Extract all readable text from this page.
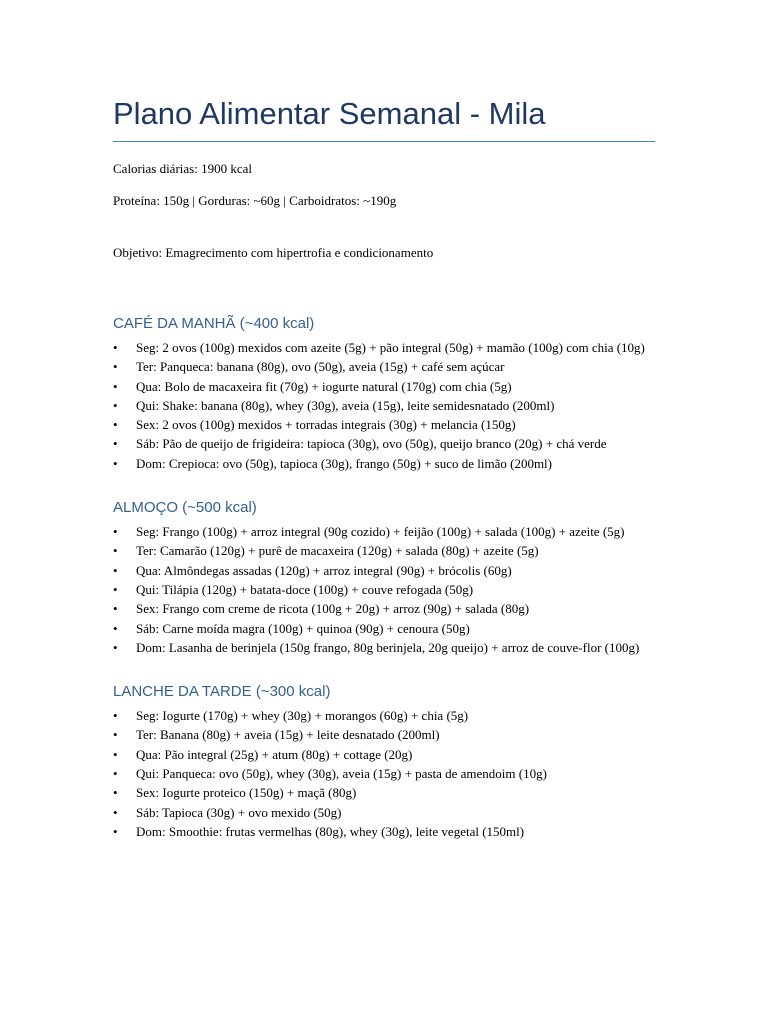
Plano Alimentar Semanal - Mila

Calorias diárias: 1900 kcal

Proteína: 150g | Gorduras: ~60g | Carboidratos: ~190g

Objetivo: Emagrecimento com hipertrofia e condicionamento

CAFÉ DA MANHÃ (~400 kcal)
•	Seg: 2 ovos (100g) mexidos com azeite (5g) + pão integral (50g) + mamão (100g) com chia (10g)
•	Ter: Panqueca: banana (80g), ovo (50g), aveia (15g) + café sem açúcar
•	Qua: Bolo de macaxeira fit (70g) + iogurte natural (170g) com chia (5g)
•	Qui: Shake: banana (80g), whey (30g), aveia (15g), leite semidesnatado (200ml)
•	Sex: 2 ovos (100g) mexidos + torradas integrais (30g) + melancia (150g)
•	Sáb: Pão de queijo de frigideira: tapioca (30g), ovo (50g), queijo branco (20g) + chá verde
•	Dom: Crepioca: ovo (50g), tapioca (30g), frango (50g) + suco de limão (200ml)
ALMOÇO (~500 kcal)
•	Seg: Frango (100g) + arroz integral (90g cozido) + feijão (100g) + salada (100g) + azeite (5g)
•	Ter: Camarão (120g) + purê de macaxeira (120g) + salada (80g) + azeite (5g)
•	Qua: Almôndegas assadas (120g) + arroz integral (90g) + brócolis (60g)
•	Qui: Tilápia (120g) + batata-doce (100g) + couve refogada (50g)
•	Sex: Frango com creme de ricota (100g + 20g) + arroz (90g) + salada (80g)
•	Sáb: Carne moída magra (100g) + quinoa (90g) + cenoura (50g)
•	Dom: Lasanha de berinjela (150g frango, 80g berinjela, 20g queijo) + arroz de couve-flor (100g)
LANCHE DA TARDE (~300 kcal)
•	Seg: Iogurte (170g) + whey (30g) + morangos (60g) + chia (5g)
•	Ter: Banana (80g) + aveia (15g) + leite desnatado (200ml)
•	Qua: Pão integral (25g) + atum (80g) + cottage (20g)
•	Qui: Panqueca: ovo (50g), whey (30g), aveia (15g) + pasta de amendoim (10g)
•	Sex: Iogurte proteico (150g) + maçã (80g)
•	Sáb: Tapioca (30g) + ovo mexido (50g)
•	Dom: Smoothie: frutas vermelhas (80g), whey (30g), leite vegetal (150ml)
